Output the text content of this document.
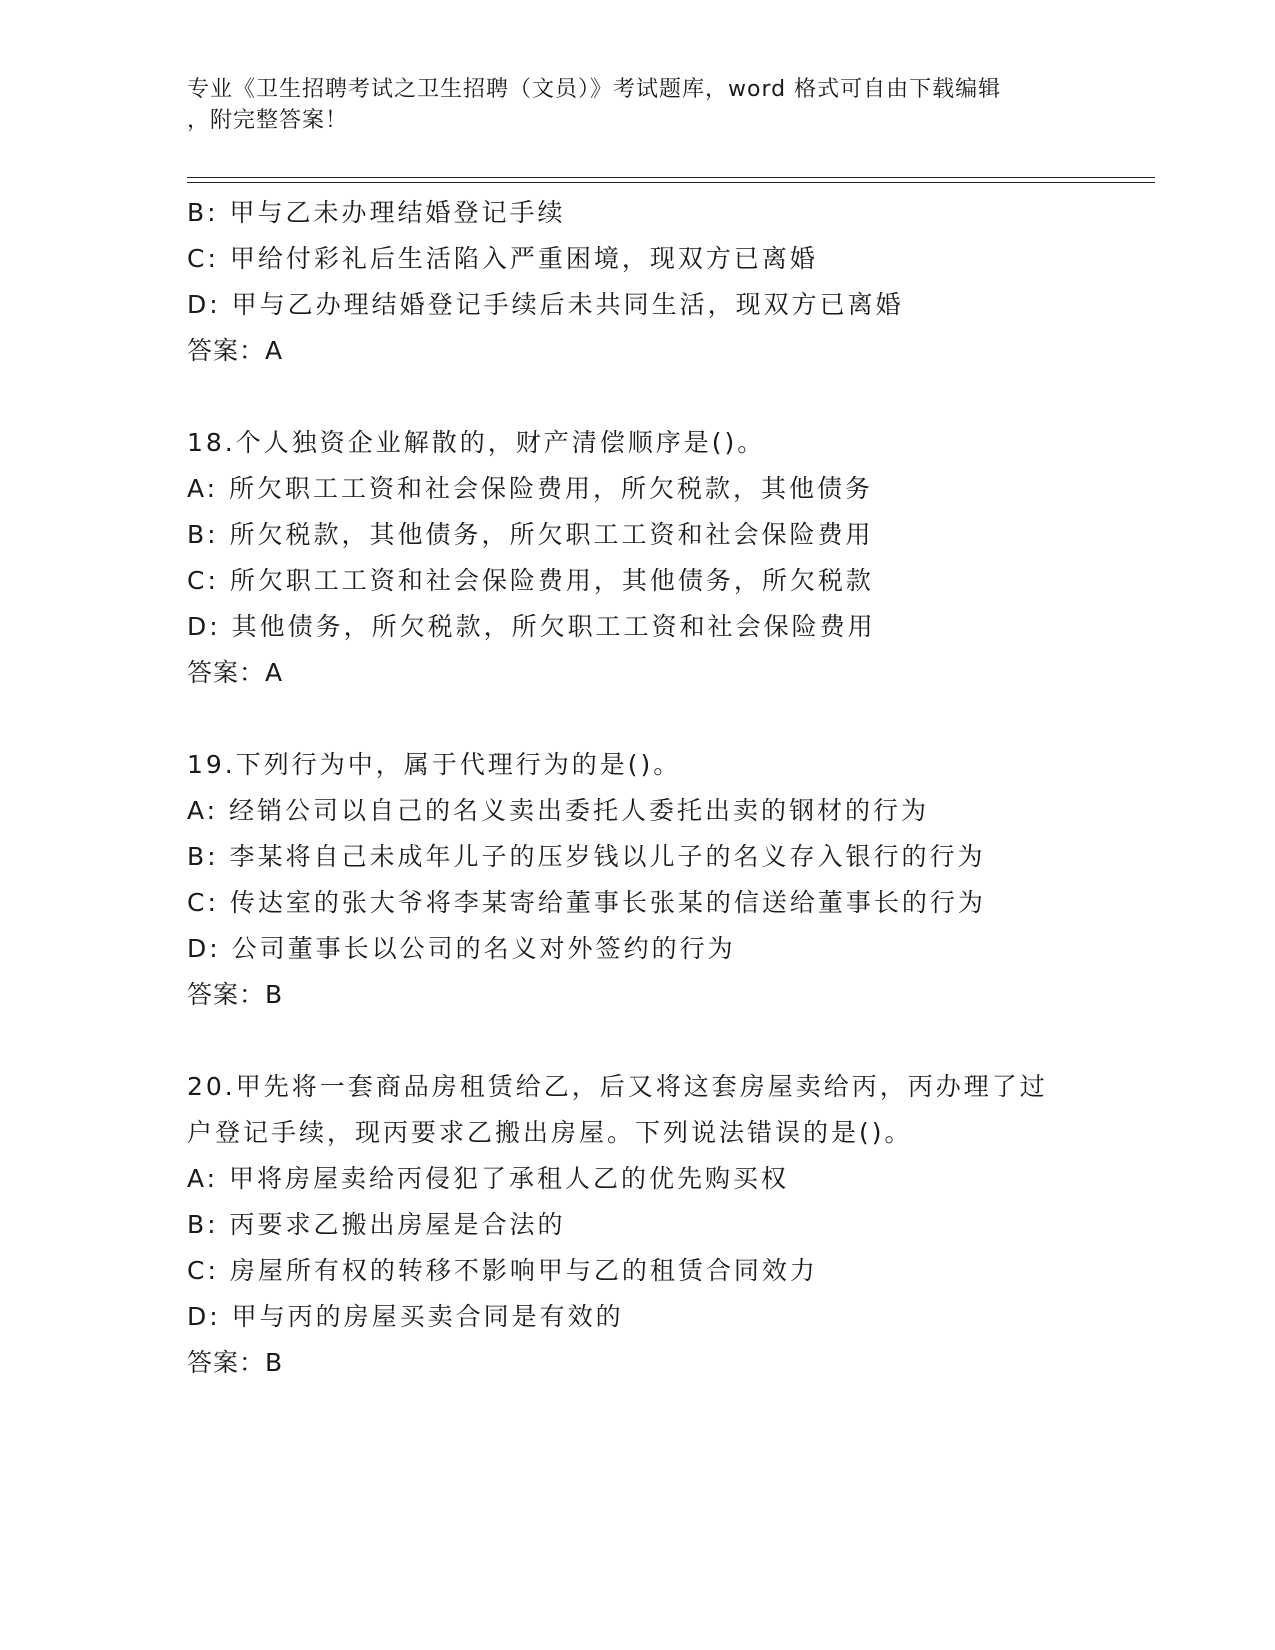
专业《卫生招聘考试之卫生招聘（文员）》考试题库，word 格式可自由下载编辑
，附完整答案！
B: 甲与乙未办理结婚登记手续
C: 甲给付彩礼后生活陷入严重困境，现双方已离婚
D: 甲与乙办理结婚登记手续后未共同生活，现双方已离婚
答案：A
18.个人独资企业解散的，财产清偿顺序是()。
A: 所欠职工工资和社会保险费用，所欠税款，其他债务
B: 所欠税款，其他债务，所欠职工工资和社会保险费用
C: 所欠职工工资和社会保险费用，其他债务，所欠税款
D: 其他债务，所欠税款，所欠职工工资和社会保险费用
答案：A
19.下列行为中，属于代理行为的是()。
A: 经销公司以自己的名义卖出委托人委托出卖的钢材的行为
B: 李某将自己未成年儿子的压岁钱以儿子的名义存入银行的行为
C: 传达室的张大爷将李某寄给董事长张某的信送给董事长的行为
D: 公司董事长以公司的名义对外签约的行为
答案：B
20.甲先将一套商品房租赁给乙，后又将这套房屋卖给丙，丙办理了过
户登记手续，现丙要求乙搬出房屋。下列说法错误的是()。
A: 甲将房屋卖给丙侵犯了承租人乙的优先购买权
B: 丙要求乙搬出房屋是合法的
C: 房屋所有权的转移不影响甲与乙的租赁合同效力
D: 甲与丙的房屋买卖合同是有效的
答案：B
